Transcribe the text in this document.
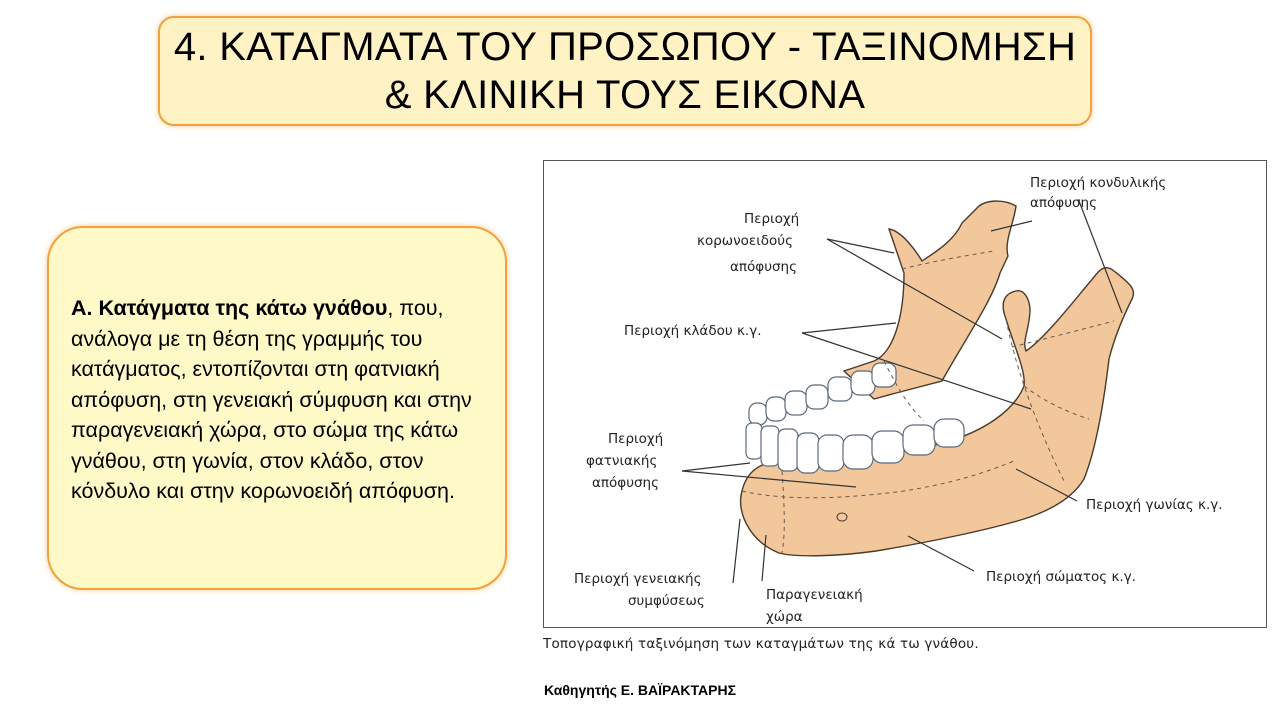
4. ΚΑΤΑΓΜΑΤΑ ΤΟΥ ΠΡΟΣΩΠΟΥ - ΤΑΞΙΝΟΜΗΣΗ
& ΚΛΙΝΙΚΗ ΤΟΥΣ ΕΙΚΟΝΑ
Α. Κατάγματα της κάτω γνάθου, που, ανάλογα με τη θέση της γραμμής του κατάγματος, εντοπίζονται στη φατνιακή απόφυση, στη γενειακή σύμφυση και στην παραγενειακή χώρα, στο σώμα της κάτω γνάθου, στη γωνία, στον κλάδο, στον κόνδυλο και στην κορωνοειδή απόφυση.
Περιοχή κονδυλικής
απόφυσης
Περιοχή
κορωνοειδούς
απόφυσης
Περιοχή κλάδου κ.γ.
Περιοχή
φατνιακής
απόφυσης
Περιοχή γωνίας κ.γ.
Περιοχή σώματος κ.γ.
Περιοχή γενειακής
συμφύσεως	Παραγενειακή
χώρα
Τοπογραφική ταξινόμηση των καταγμάτων της κά τω γνάθου.
Καθηγητής Ε. ΒΑΪΡΑΚΤΑΡΗΣ
